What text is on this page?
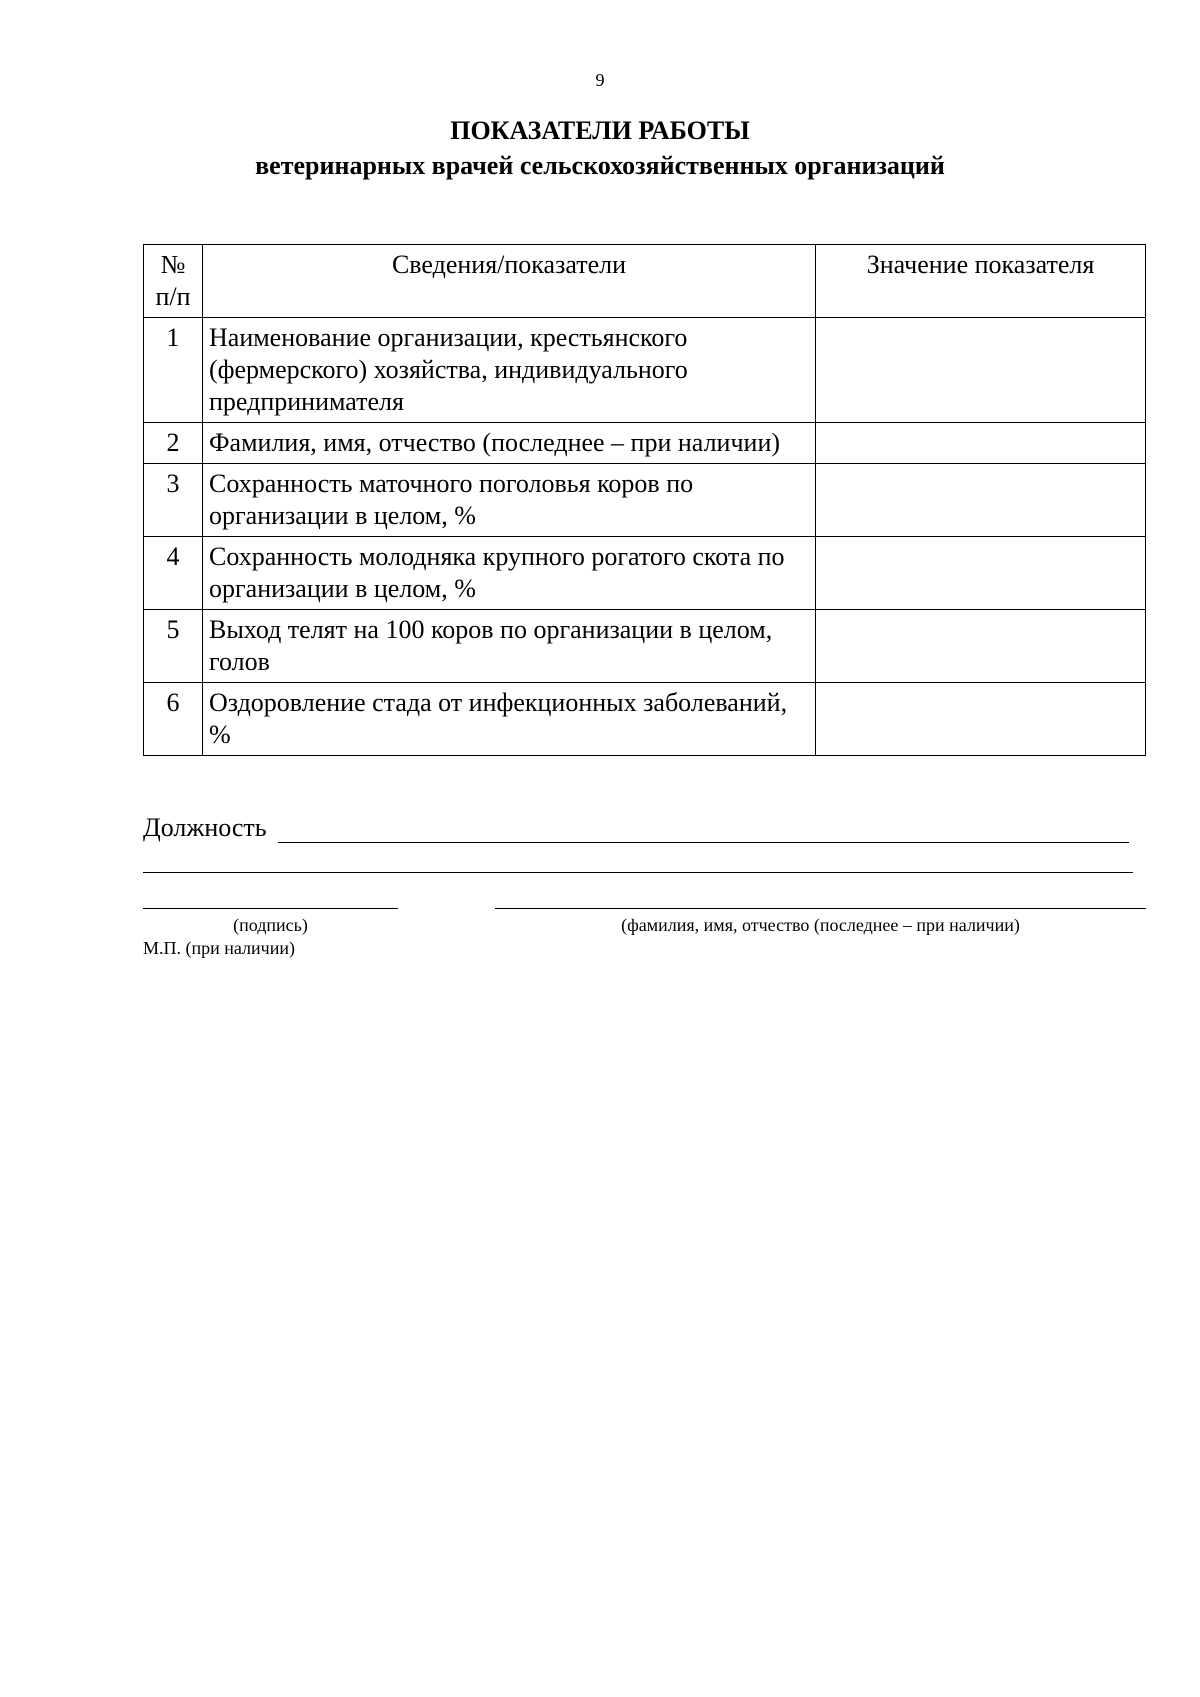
9
ПОКАЗАТЕЛИ РАБОТЫ
ветеринарных врачей сельскохозяйственных организаций
№ п/п	Сведения/показатели	Значение показателя
1	Наименование организации, крестьянского (фермерского) хозяйства, индивидуального предпринимателя	
2	Фамилия, имя, отчество (последнее – при наличии)	
3	Сохранность маточного поголовья коров по организации в целом, %	
4	Сохранность молодняка крупного рогатого скота по организации в целом, %	
5	Выход телят на 100 коров по организации в целом, голов	
6	Оздоровление стада от инфекционных заболеваний, %	
Должность
(подпись)	(фамилия, имя, отчество (последнее – при наличии)
М.П. (при наличии)
